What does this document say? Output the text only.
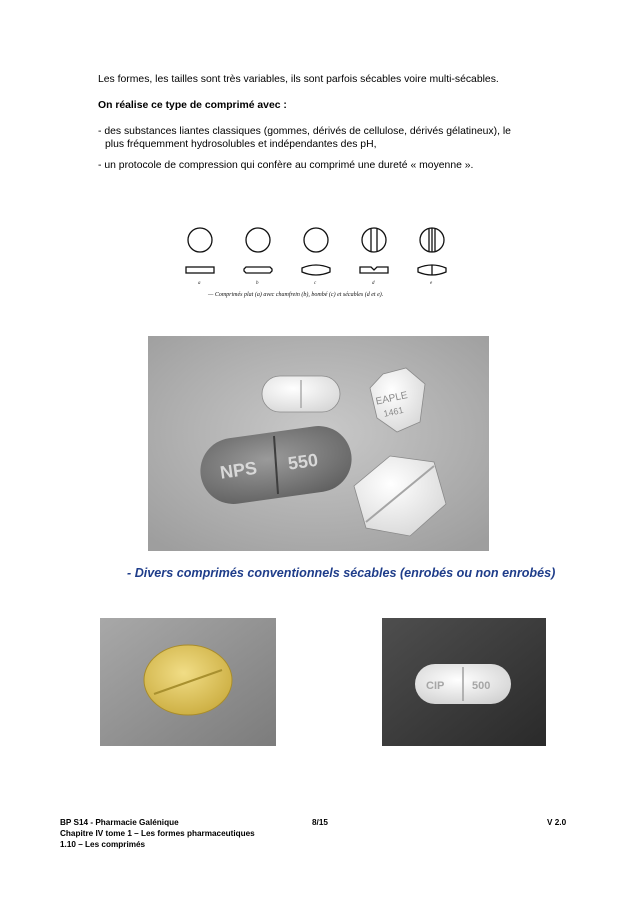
Les formes, les tailles sont très variables, ils sont parfois sécables voire multi-sécables.

On réalise ce type de comprimé avec :

- des substances liantes classiques (gommes, dérivés de cellulose, dérivés gélatineux), le

plus fréquemment hydrosolubles et indépendantes des pH,

- un protocole de compression qui confère au comprimé une dureté « moyenne ».

a	b	c	d	e
— Comprimés plat (a) avec chamfrein (b), bombé (c) et sécables (d et e).
EAPLE
1461
NPS 550
- Divers comprimés conventionnels sécables (enrobés ou non enrobés)
CIP	500
BP S14 - Pharmacie Galénique
Chapitre IV tome 1 – Les formes pharmaceutiques
1.10 – Les comprimés
8/15	V 2.0
